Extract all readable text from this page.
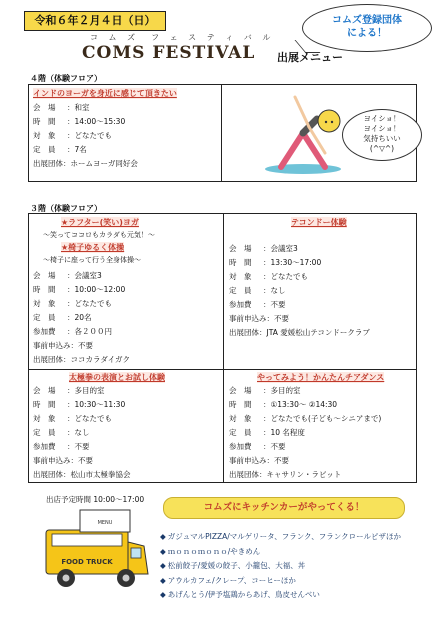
令和６年２月４日（日）	コムズ登録団体
による！
コ ム ズ　フ ェ ス テ ィ バ ル
COMS FESTIVAL 出展メニュー
４階（体験フロア）
インドのヨーガを身近に感じて頂きたい
会　場 ：和室
時　間 ：14:00～15:30
対　象 ：どなたでも
定　員 ：7名
出展団体：ホームヨーガ同好会
ヨイショ！
ヨイショ！
気持ちいい
(^▽^)
３階（体験フロア）
★ラフター(笑い)ヨガ
～笑ってココロもカラダも元気！～
★椅子ゆるく体操
～椅子に座って行う全身体操～
会　場 ：会議室3
時　間 ：10:00～12:00
対　象 ：どなたでも
定　員 ：20名
参加費 ：各２００円
事前申込み：不要
出展団体：ココカラダイガク
テコンドー体験
会　場 ：会議室3
時　間 ：13:30～17:00
対　象 ：どなたでも
定　員 ：なし
参加費 ：不要
事前申込み：不要
出展団体：JTA 愛媛松山テコンドークラブ
太極拳の表演とお試し体験
会　場 ：多目的室
時　間 ：10:30～11:30
対　象 ：どなたでも
定　員 ：なし
参加費 ：不要
事前申込み：不要
出展団体：松山市太極拳協会
やってみよう！かんたんチアダンス
会　場 ：多目的室
時　間 ：①13:30～ ②14:30
対　象 ：どなたでも(子ども～シニアまで)
定　員 ：10 名程度
参加費 ：不要
事前申込み：不要
出展団体：キャサリン・ラビット
出店予定時間 10:00～17:00
MENU
FOOD TRUCK
コムズにキッチンカーがやってくる！
◆ ガジュマルPIZZA/マルゲリータ、フランク、フランクロールピザほか
◆ ｍｏｎｏｍｏｎｏ/やきめん
◆ 松前餃子/愛媛の餃子、小籠包、大福、丼
◆ アウルカフェ/クレープ、コーヒーほか
◆ あげんとう/伊予塩鶏からあげ、鳥皮せんべい
